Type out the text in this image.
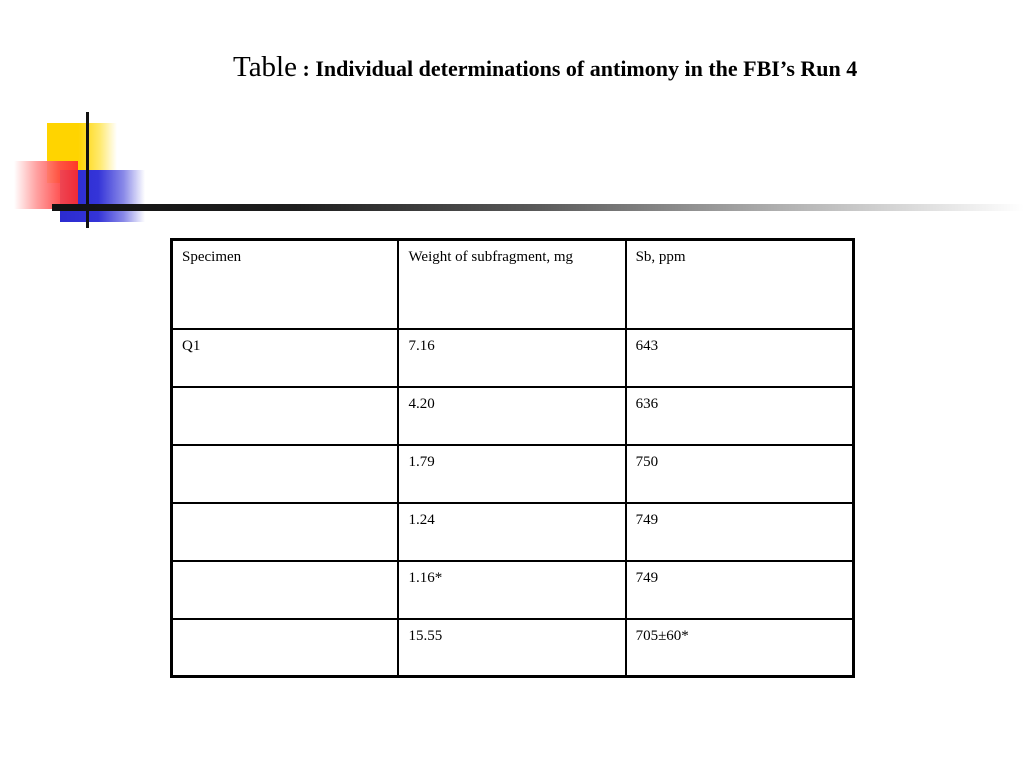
Table : Individual determinations of antimony in the FBI’s Run 4
Specimen	Weight of subfragment, mg	Sb, ppm
Q1	7.16	643
	4.20	636
	1.79	750
	1.24	749
	1.16*	749
	15.55	705±60*
